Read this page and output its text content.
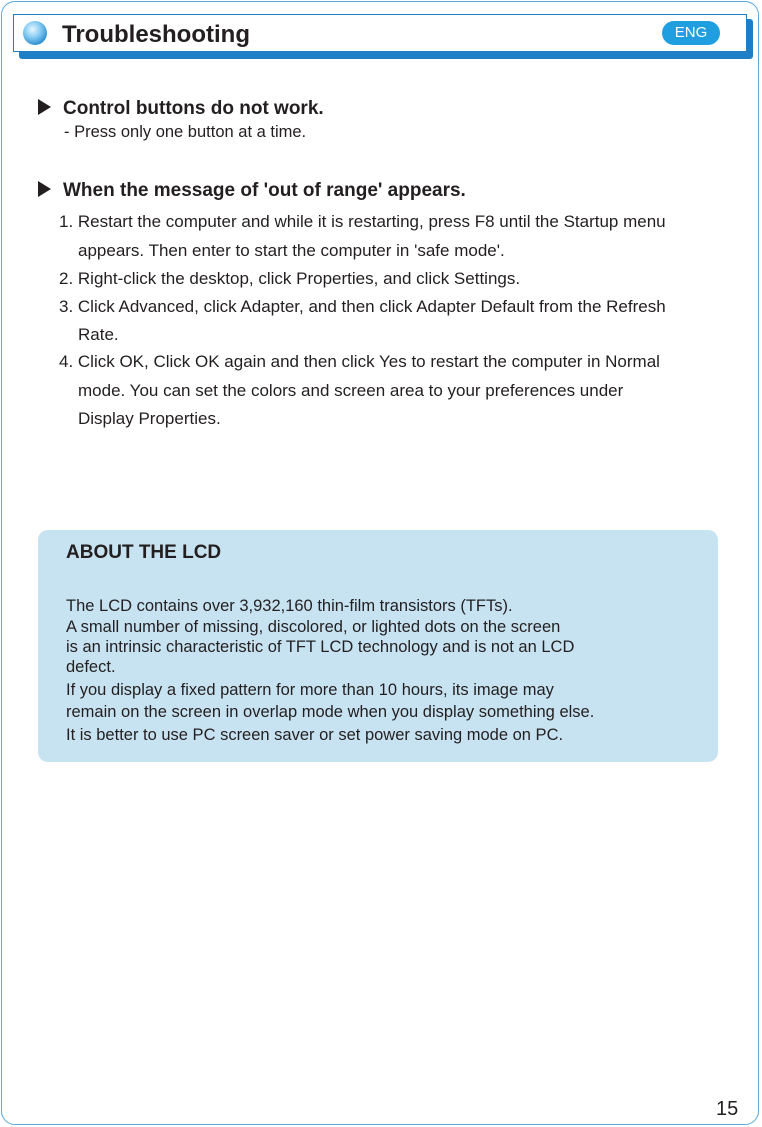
Troubleshooting	ENG
Control buttons do not work.
- Press only one button at a time.
When the message of 'out of range' appears.
1. Restart the computer and while it is restarting, press F8 until the Startup menu
appears. Then enter to start the computer in 'safe mode'.
2. Right-click the desktop, click Properties, and click Settings.
3. Click Advanced, click Adapter, and then click Adapter Default from the Refresh
Rate.
4. Click OK, Click OK again and then click Yes to restart the computer in Normal
mode. You can set the colors and screen area to your preferences under
Display Properties.
ABOUT THE LCD
The LCD contains over 3,932,160 thin-film transistors (TFTs).
A small number of missing, discolored, or lighted dots on the screen
is an intrinsic characteristic of TFT LCD technology and is not an LCD
defect.
If you display a fixed pattern for more than 10 hours, its image may
remain on the screen in overlap mode when you display something else.
It is better to use PC screen saver or set power saving mode on PC.
15
